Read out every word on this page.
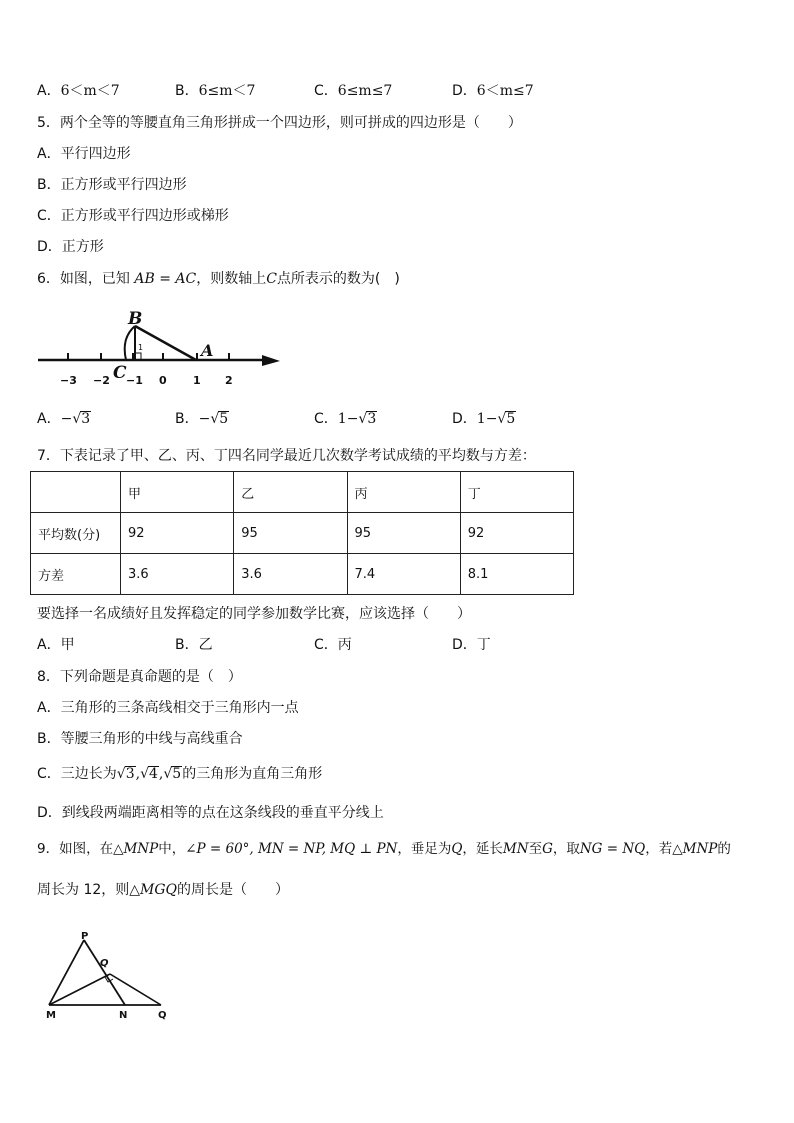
A．6＜m＜7	B．6≤m＜7	C．6≤m≤7	D．6＜m≤7
5．两个全等的等腰直角三角形拼成一个四边形，则可拼成的四边形是（　　）
A．平行四边形
B．正方形或平行四边形
C．正方形或平行四边形或梯形
D．正方形
6．如图，已知 AB = AC，则数轴上C点所表示的数为(　)
B
A
C
1
−3 −2 −1 0 1 2
P
Q
M	N	Q
A．−√3	B．−√5	C．1−√3	D．1−√5
7．下表记录了甲、乙、丙、丁四名同学最近几次数学考试成绩的平均数与方差：
	甲	乙	丙	丁
平均数(分)	92	95	95	92
方差	3.6	3.6	7.4	8.1
要选择一名成绩好且发挥稳定的同学参加数学比赛，应该选择（　　）
A．甲	B．乙	C．丙	D．丁
8．下列命题是真命题的是（　）
A．三角形的三条高线相交于三角形内一点
B．等腰三角形的中线与高线重合
C．三边长为√3,√4,√5的三角形为直角三角形
D．到线段两端距离相等的点在这条线段的垂直平分线上
9．如图，在△MNP中，∠P = 60°, MN = NP, MQ ⊥ PN，垂足为Q，延长MN至G，取NG = NQ，若△MNP的
周长为 12，则△MGQ的周长是（　　）
